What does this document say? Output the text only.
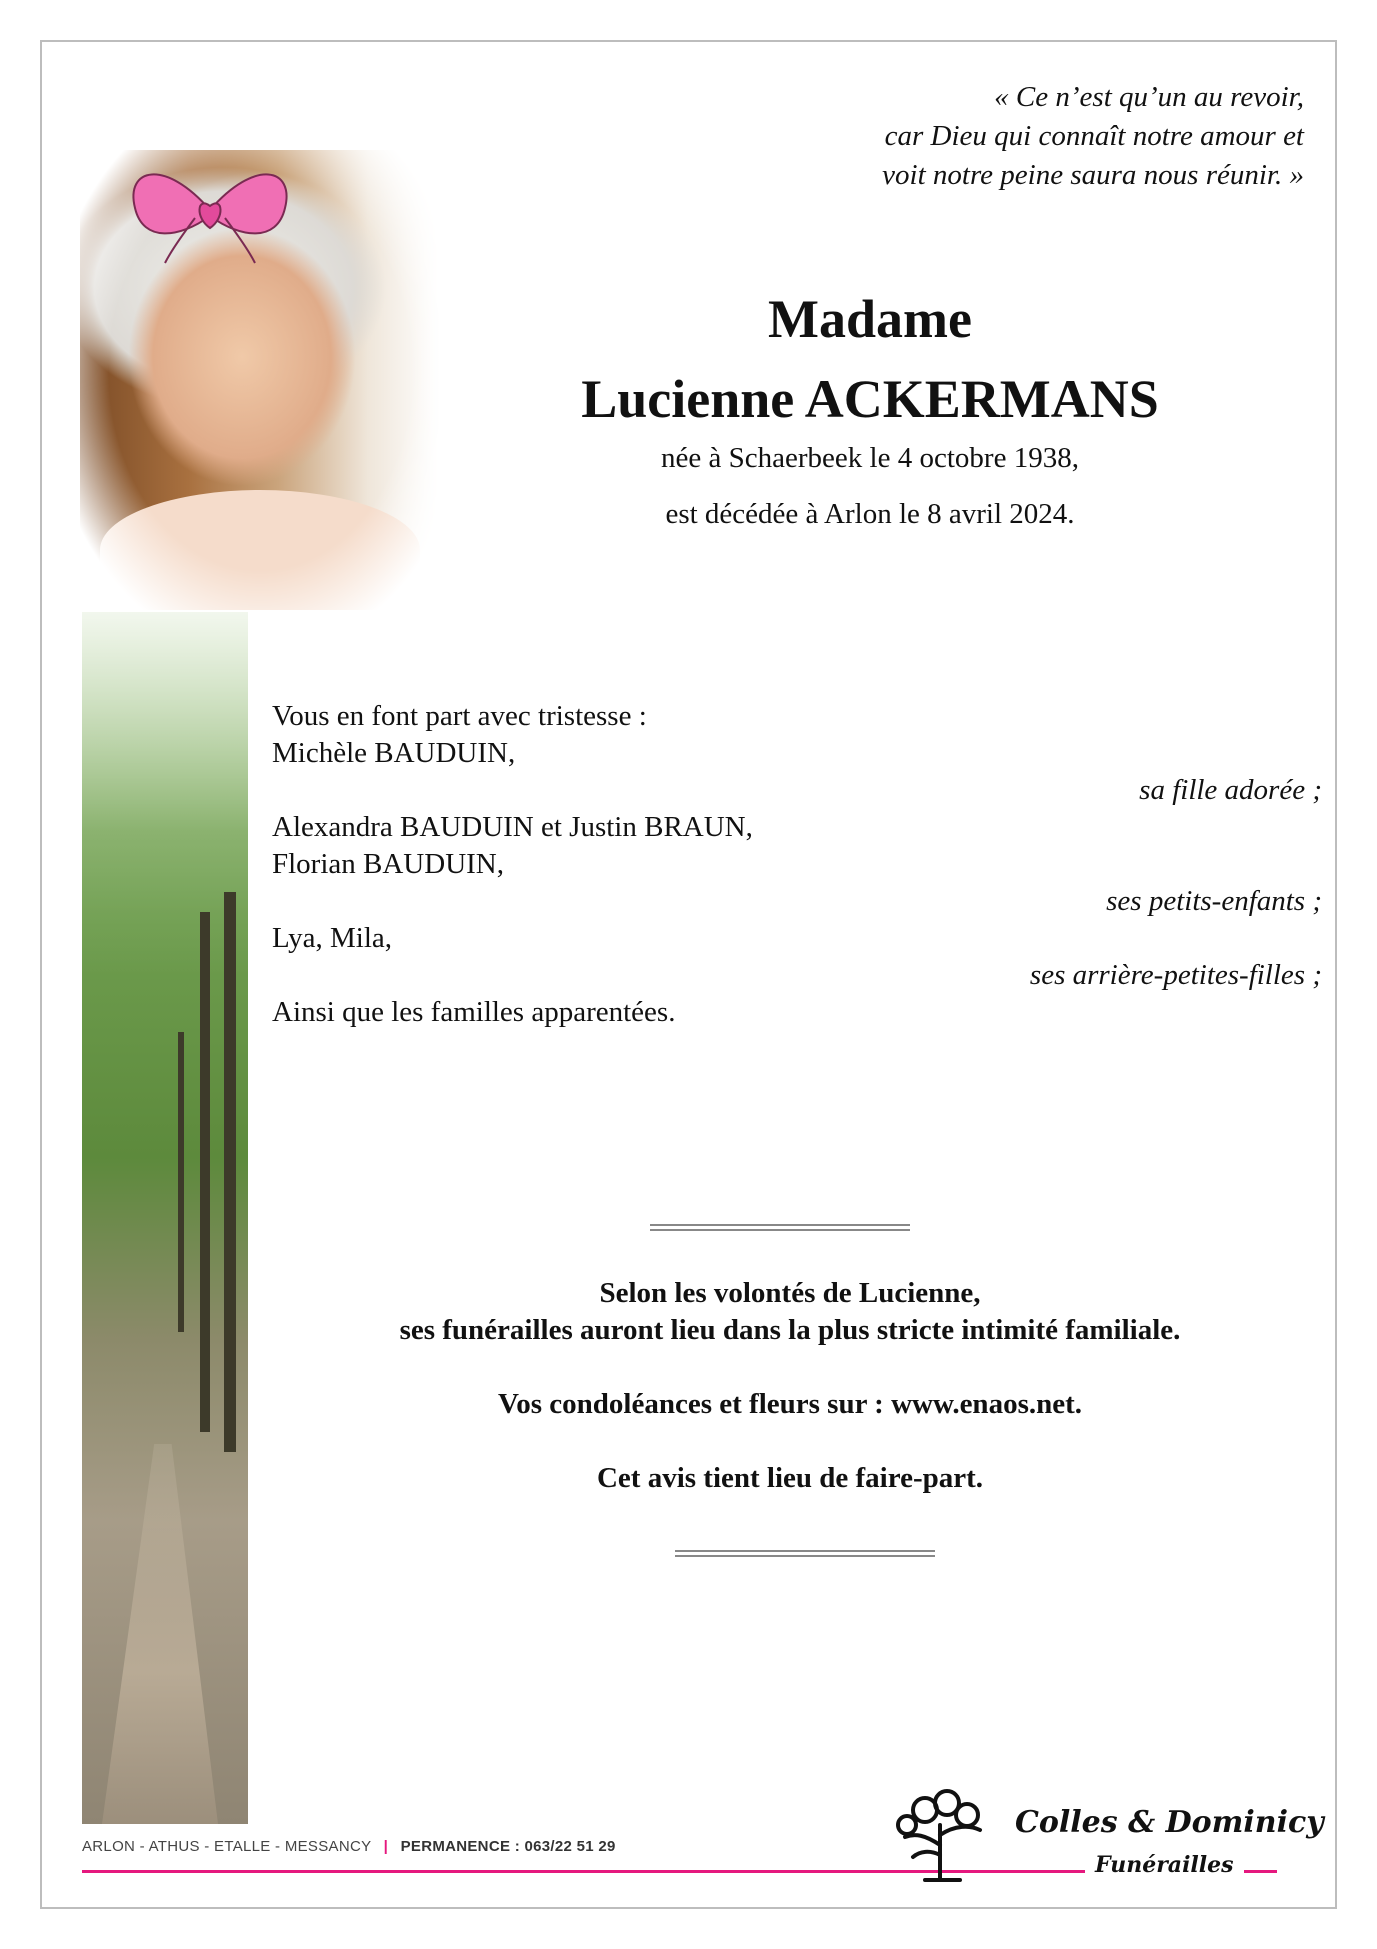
« Ce n’est qu’un au revoir,
car Dieu qui connaît notre amour et
voit notre peine saura nous réunir. »
Madame
Lucienne ACKERMANS
née à Schaerbeek le 4 octobre 1938,
est décédée à Arlon le 8 avril 2024.
Vous en font part avec tristesse :
Michèle BAUDUIN,
sa fille adorée ;
Alexandra BAUDUIN et Justin BRAUN,
Florian BAUDUIN,
ses petits-enfants ;
Lya, Mila,
ses arrière-petites-filles ;
Ainsi que les familles apparentées.
Selon les volontés de Lucienne,
ses funérailles auront lieu dans la plus stricte intimité familiale.
Vos condoléances et fleurs sur : www.enaos.net.
Cet avis tient lieu de faire-part.
ARLON - ATHUS - ETALLE - MESSANCY | PERMANENCE : 063/22 51 29
Colles & Dominicy
Funérailles
